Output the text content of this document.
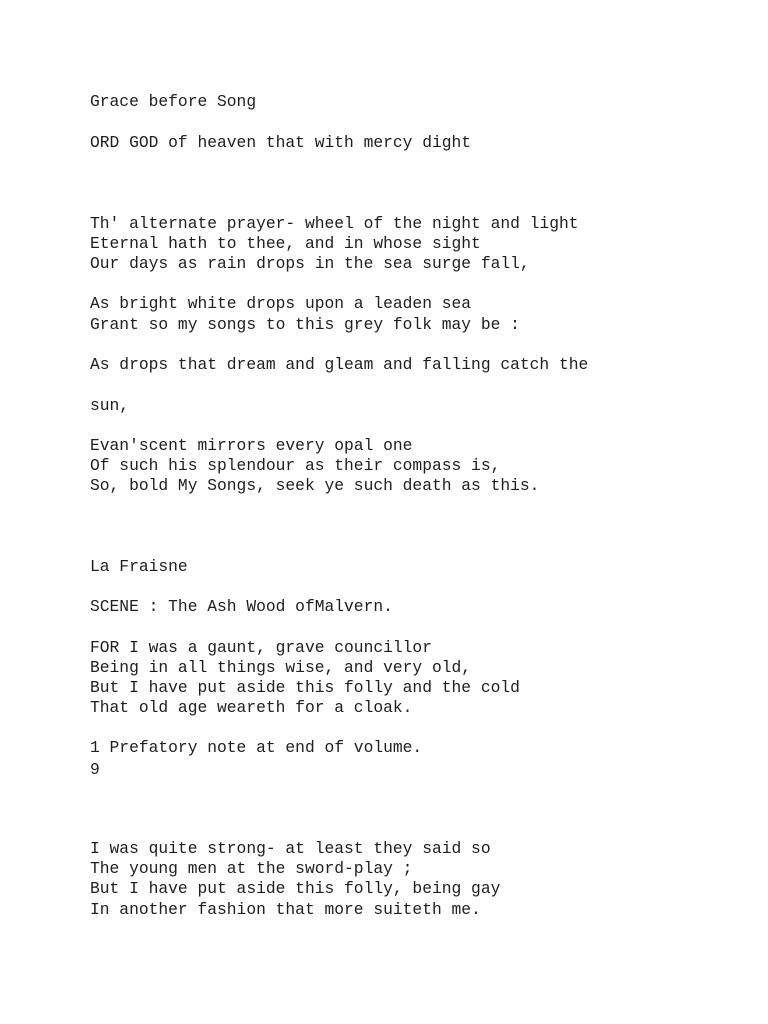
Grace before Song

ORD GOD of heaven that with mercy dight

Th' alternate prayer- wheel of the night and light

Eternal hath to thee, and in whose sight

Our days as rain drops in the sea surge fall,

As bright white drops upon a leaden sea

Grant so my songs to this grey folk may be :

As drops that dream and gleam and falling catch the

sun,

Evan'scent mirrors every opal one

Of such his splendour as their compass is,

So, bold My Songs, seek ye such death as this.

La Fraisne

SCENE : The Ash Wood ofMalvern.

FOR I was a gaunt, grave councillor

Being in all things wise, and very old,

But I have put aside this folly and the cold

That old age weareth for a cloak.

1 Prefatory note at end of volume.

9

I was quite strong- at least they said so

The young men at the sword-play ;

But I have put aside this folly, being gay

In another fashion that more suiteth me.
